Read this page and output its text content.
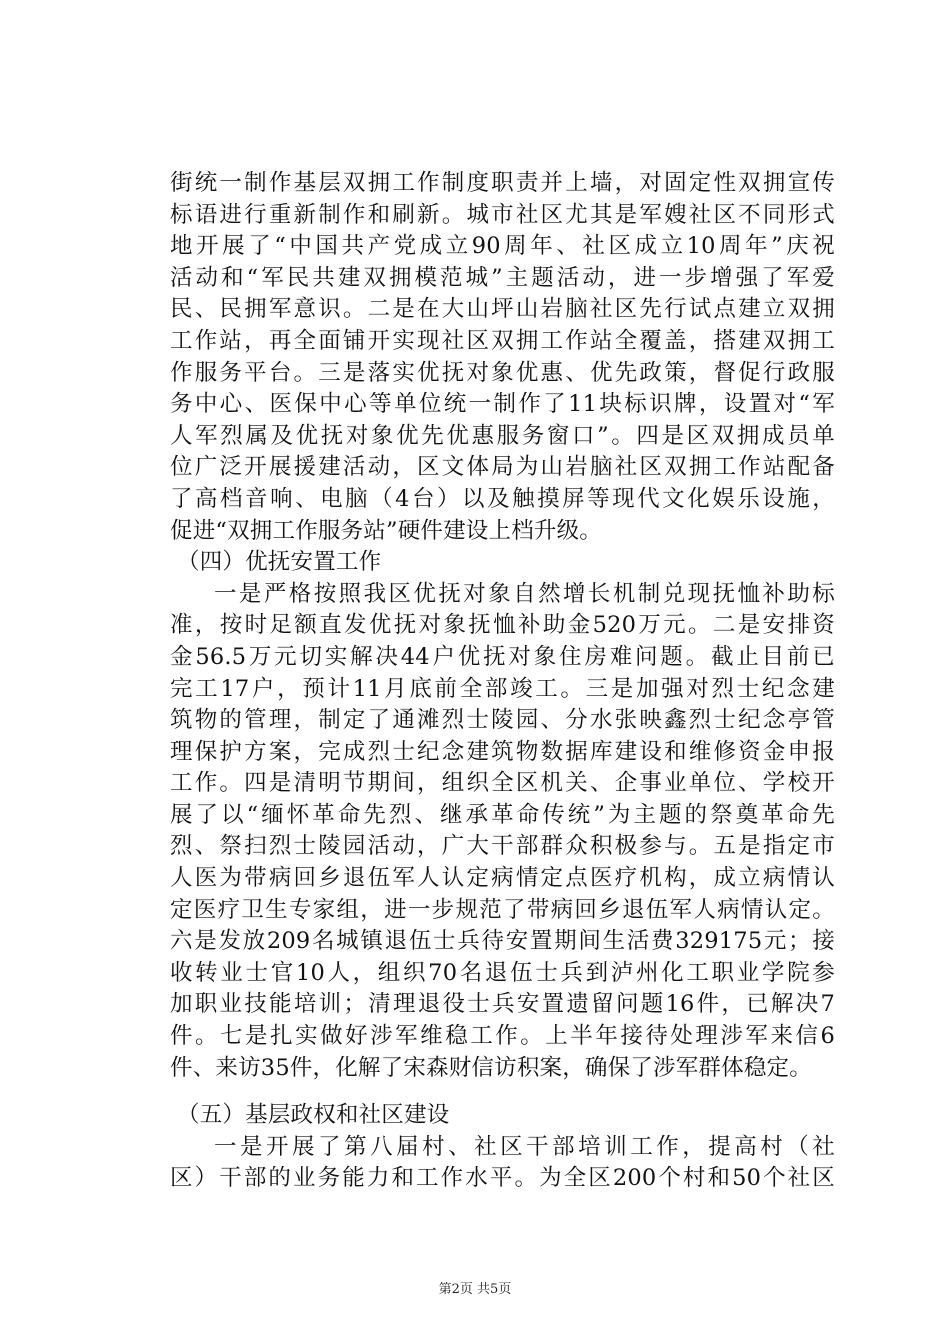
街统一制作基层双拥工作制度职责并上墙，对固定性双拥宣传
标语进行重新制作和刷新。城市社区尤其是军嫂社区不同形式
地开展了“中国共产党成立90周年、社区成立10周年”庆祝
活动和“军民共建双拥模范城”主题活动，进一步增强了军爱
民、民拥军意识。二是在大山坪山岩脑社区先行试点建立双拥
工作站，再全面铺开实现社区双拥工作站全覆盖，搭建双拥工
作服务平台。三是落实优抚对象优惠、优先政策，督促行政服
务中心、医保中心等单位统一制作了11块标识牌，设置对“军
人军烈属及优抚对象优先优惠服务窗口”。四是区双拥成员单
位广泛开展援建活动，区文体局为山岩脑社区双拥工作站配备
了高档音响、电脑（4台）以及触摸屏等现代文化娱乐设施，
促进“双拥工作服务站”硬件建设上档升级。
（四）优抚安置工作
一是严格按照我区优抚对象自然增长机制兑现抚恤补助标
准，按时足额直发优抚对象抚恤补助金520万元。二是安排资
金56.5万元切实解决44户优抚对象住房难问题。截止目前已
完工17户，预计11月底前全部竣工。三是加强对烈士纪念建
筑物的管理，制定了通滩烈士陵园、分水张映鑫烈士纪念亭管
理保护方案，完成烈士纪念建筑物数据库建设和维修资金申报
工作。四是清明节期间，组织全区机关、企事业单位、学校开
展了以“缅怀革命先烈、继承革命传统”为主题的祭奠革命先
烈、祭扫烈士陵园活动，广大干部群众积极参与。五是指定市
人医为带病回乡退伍军人认定病情定点医疗机构，成立病情认
定医疗卫生专家组，进一步规范了带病回乡退伍军人病情认定。
六是发放209名城镇退伍士兵待安置期间生活费329175元；接
收转业士官10人，组织70名退伍士兵到泸州化工职业学院参
加职业技能培训；清理退役士兵安置遗留问题16件，已解决7
件。七是扎实做好涉军维稳工作。上半年接待处理涉军来信6
件、来访35件，化解了宋森财信访积案，确保了涉军群体稳定。
（五）基层政权和社区建设
一是开展了第八届村、社区干部培训工作，提高村（社
区）干部的业务能力和工作水平。为全区200个村和50个社区
第2页 共5页
